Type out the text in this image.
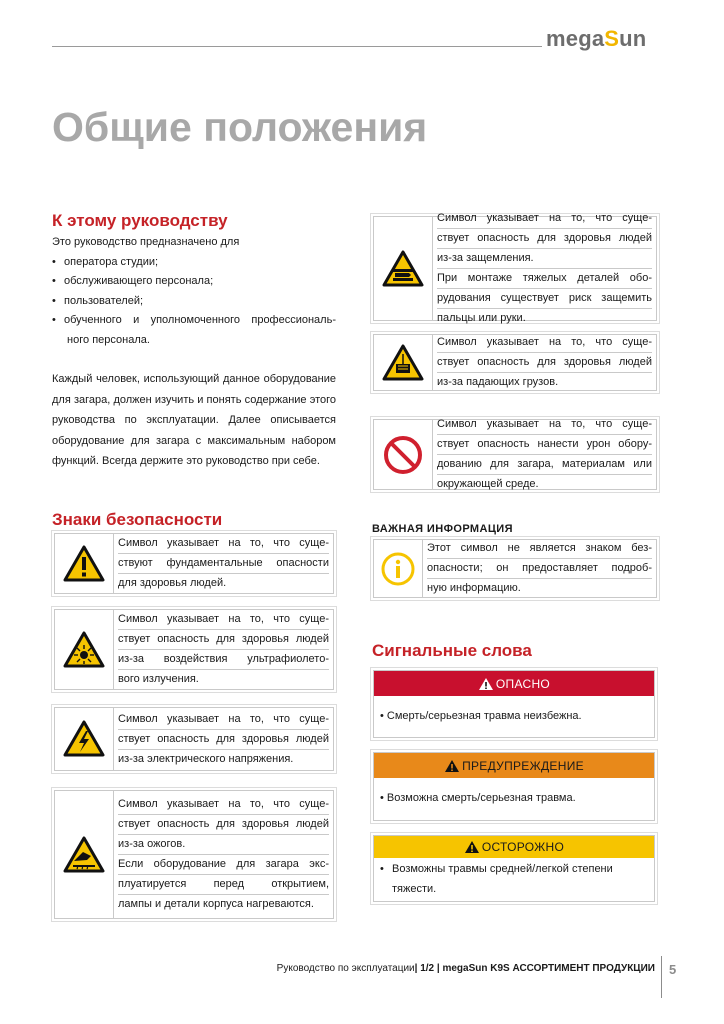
megaSun
Общие положения
К этому руководству
Это руководство предназначено для
• оператора студии;
• обслуживающего персонала;
• пользователей;
• обученного и уполномоченного профессиональ- ного персонала.
Каждый человек, использующий данное оборудование для загара, должен изучить и понять содержание этого руководства по эксплуатации. Далее описывается оборудование для загара с максимальным набором функций. Всегда держите это руководство при себе.
Знаки безопасности
Символ указывает на то, что суще-
ствуют фундаментальные опасности
для здоровья людей.
Символ указывает на то, что суще-
ствует опасность для здоровья людей
из-за воздействия ультрафиолето-
вого излучения.
Символ указывает на то, что суще-
ствует опасность для здоровья людей
из-за электрического напряжения.
Символ указывает на то, что суще-
ствует опасность для здоровья людей
из-за ожогов.
Если оборудование для загара экс-
плуатируется перед открытием,
лампы и детали корпуса нагреваются.
Символ указывает на то, что суще-
ствует опасность для здоровья людей
из-за защемления.
При монтаже тяжелых деталей обо-
рудования существует риск защемить
пальцы или руки.
Символ указывает на то, что суще-
ствует опасность для здоровья людей
из-за падающих грузов.
Символ указывает на то, что суще-
ствует опасность нанести урон обору-
дованию для загара, материалам или
окружающей среде.
ВАЖНАЯ ИНФОРМАЦИЯ
Этот символ не является знаком без-
опасности; он предоставляет подроб-
ную информацию.
Сигнальные слова
ОПАСНО
• Смерть/серьезная травма неизбежна.
ПРЕДУПРЕЖДЕНИЕ
• Возможна смерть/серьезная травма.
ОСТОРОЖНО
• Возможны травмы средней/легкой степени тяжести.
Руководство по эксплуатации| 1/2 | megaSun K9S АССОРТИМЕНТ ПРОДУКЦИИ 5
